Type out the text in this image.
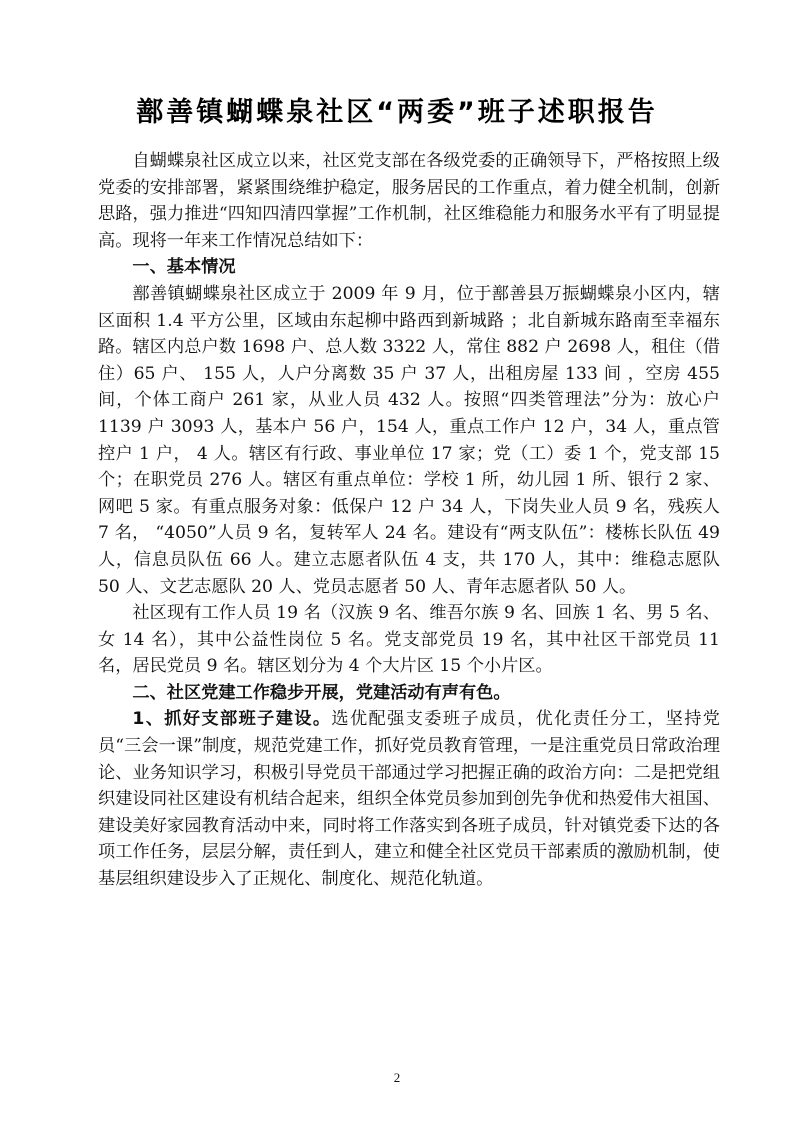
鄯善镇蝴蝶泉社区“两委”班子述职报告

自蝴蝶泉社区成立以来，社区党支部在各级党委的正确领导下，严格按照上级党委的安排部署，紧紧围绕维护稳定，服务居民的工作重点，着力健全机制，创新思路，强力推进“四知四清四掌握”工作机制，社区维稳能力和服务水平有了明显提高。现将一年来工作情况总结如下：

一、基本情况

鄯善镇蝴蝶泉社区成立于 2009 年 9 月，位于鄯善县万振蝴蝶泉小区内，辖区面积 1.4 平方公里，区域由东起柳中路西到新城路 ；北自新城东路南至幸福东路。辖区内总户数 1698 户、总人数 3322 人，常住 882 户 2698 人，租住（借住）65 户、 155 人，人户分离数 35 户 37 人，出租房屋 133 间 ，空房 455 间，个体工商户 261 家，从业人员 432 人。按照“四类管理法”分为：放心户 1139 户 3093 人，基本户 56 户，154 人，重点工作户 12 户，34 人，重点管控户 1 户， 4 人。辖区有行政、事业单位 17 家；党（工）委 1 个，党支部 15 个；在职党员 276 人。辖区有重点单位：学校 1 所，幼儿园 1 所、银行 2 家、网吧 5 家。有重点服务对象：低保户 12 户 34 人，下岗失业人员 9 名，残疾人 7 名， “4050”人员 9 名，复转军人 24 名。建设有“两支队伍”：楼栋长队伍 49 人，信息员队伍 66 人。建立志愿者队伍 4 支，共 170 人，其中：维稳志愿队 50 人、文艺志愿队 20 人、党员志愿者 50 人、青年志愿者队 50 人。

社区现有工作人员 19 名（汉族 9 名、维吾尔族 9 名、回族 1 名、男 5 名、女 14 名），其中公益性岗位 5 名。党支部党员 19 名，其中社区干部党员 11 名，居民党员 9 名。辖区划分为 4 个大片区 15 个小片区。

二、社区党建工作稳步开展，党建活动有声有色。

1、抓好支部班子建设。选优配强支委班子成员，优化责任分工，坚持党员“三会一课”制度，规范党建工作，抓好党员教育管理，一是注重党员日常政治理论、业务知识学习，积极引导党员干部通过学习把握正确的政治方向：二是把党组织建设同社区建设有机结合起来，组织全体党员参加到创先争优和热爱伟大祖国、建设美好家园教育活动中来，同时将工作落实到各班子成员，针对镇党委下达的各项工作任务，层层分解，责任到人，建立和健全社区党员干部素质的激励机制，使基层组织建设步入了正规化、制度化、规范化轨道。

2
